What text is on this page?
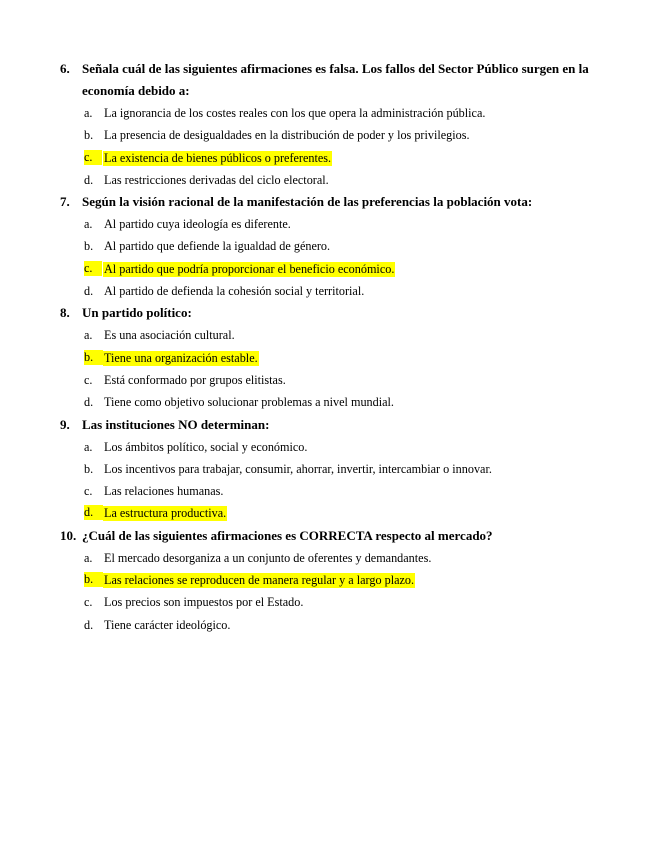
6. Señala cuál de las siguientes afirmaciones es falsa. Los fallos del Sector Público surgen en la
economía debido a:
a. La ignorancia de los costes reales con los que opera la administración pública.
b. La presencia de desigualdades en la distribución de poder y los privilegios.
c. La existencia de bienes públicos o preferentes.
d. Las restricciones derivadas del ciclo electoral.
7. Según la visión racional de la manifestación de las preferencias la población vota:
a. Al partido cuya ideología es diferente.
b. Al partido que defiende la igualdad de género.
c. Al partido que podría proporcionar el beneficio económico.
d. Al partido de defienda la cohesión social y territorial.
8. Un partido político:
a. Es una asociación cultural.
b. Tiene una organización estable.
c. Está conformado por grupos elitistas.
d. Tiene como objetivo solucionar problemas a nivel mundial.
9. Las instituciones NO determinan:
a. Los ámbitos político, social y económico.
b. Los incentivos para trabajar, consumir, ahorrar, invertir, intercambiar o innovar.
c. Las relaciones humanas.
d. La estructura productiva.
10. ¿Cuál de las siguientes afirmaciones es CORRECTA respecto al mercado?
a. El mercado desorganiza a un conjunto de oferentes y demandantes.
b. Las relaciones se reproducen de manera regular y a largo plazo.
c. Los precios son impuestos por el Estado.
d. Tiene carácter ideológico.
